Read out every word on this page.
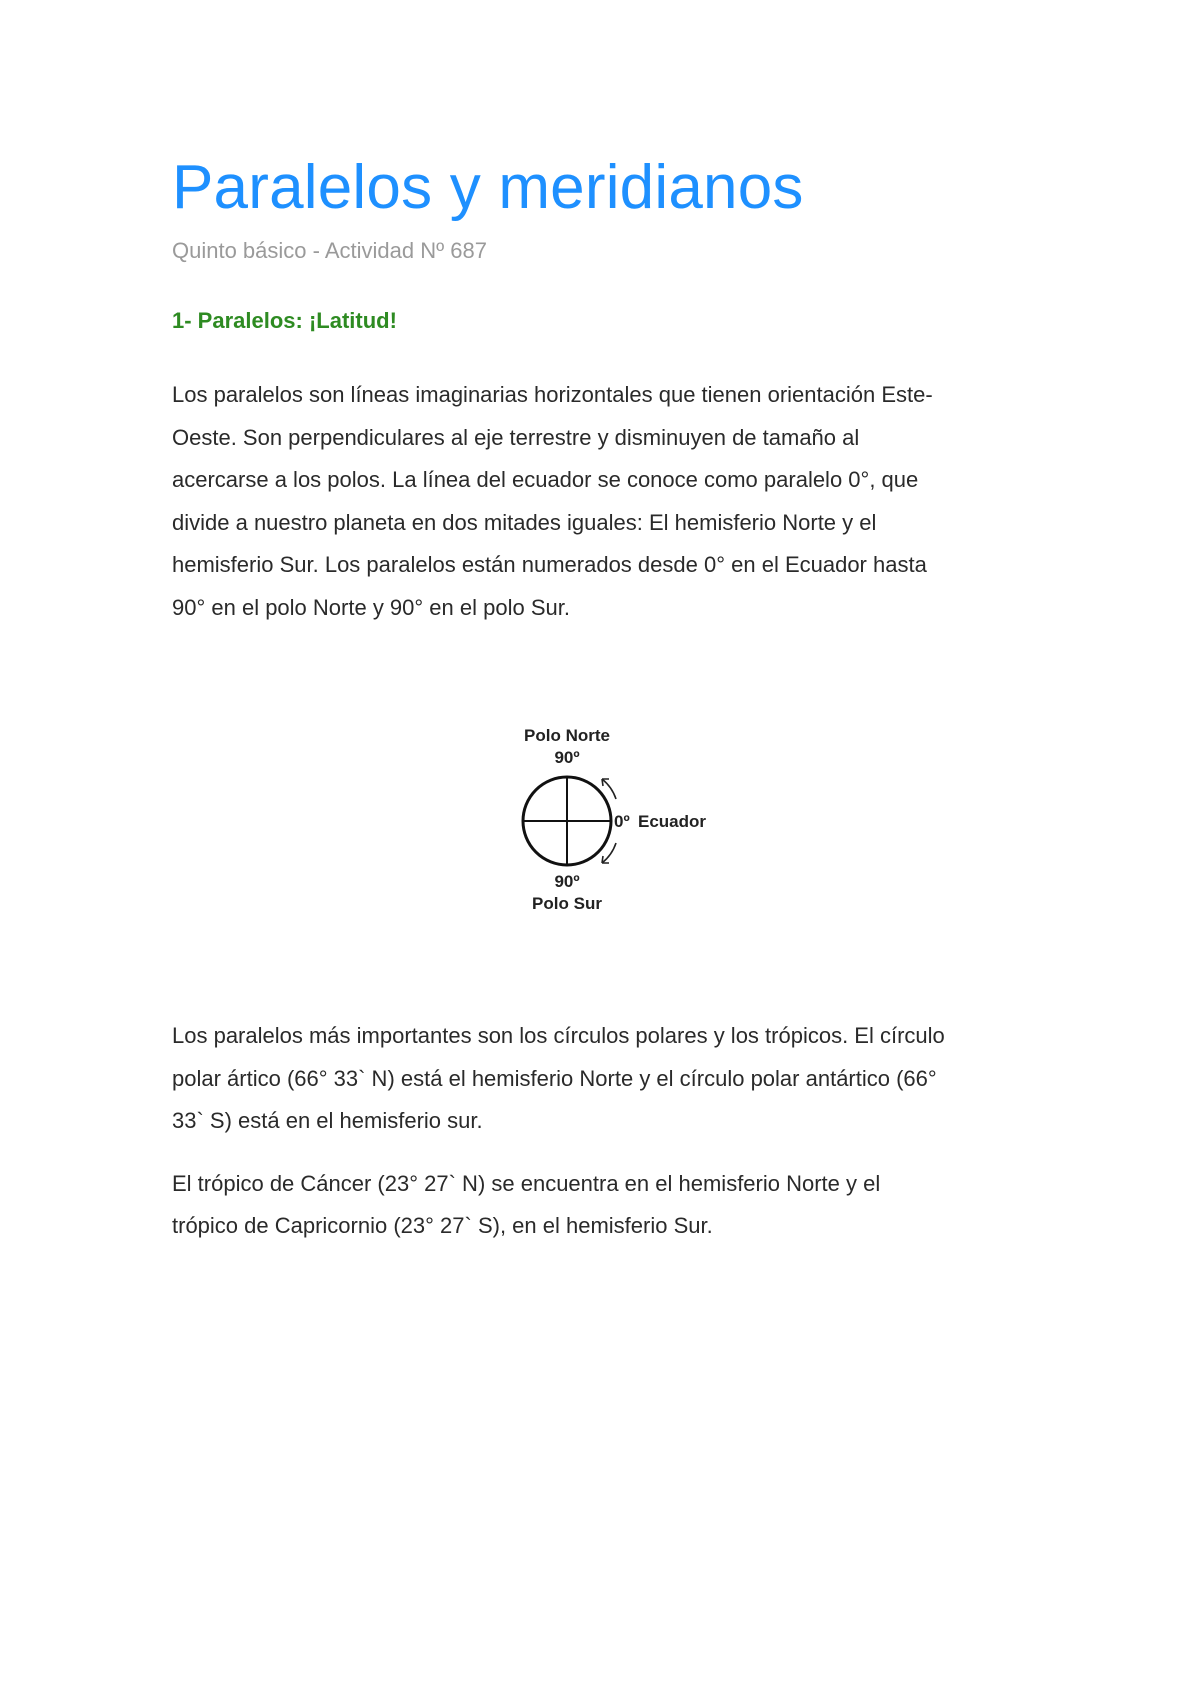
Paralelos y meridianos
Quinto básico - Actividad Nº 687
1- Paralelos: ¡Latitud!

Los paralelos son líneas imaginarias horizontales que tienen orientación Este-
Oeste. Son perpendiculares al eje terrestre y disminuyen de tamaño al
acercarse a los polos. La línea del ecuador se conoce como paralelo 0°, que
divide a nuestro planeta en dos mitades iguales: El hemisferio Norte y el
hemisferio Sur. Los paralelos están numerados desde 0° en el Ecuador hasta
90° en el polo Norte y 90° en el polo Sur.

Polo Norte
90º
0º Ecuador
90º
Polo Sur

Los paralelos más importantes son los círculos polares y los trópicos. El círculo
polar ártico (66° 33` N) está el hemisferio Norte y el círculo polar antártico (66°
33` S) está en el hemisferio sur.

El trópico de Cáncer (23° 27` N) se encuentra en el hemisferio Norte y el
trópico de Capricornio (23° 27` S), en el hemisferio Sur.
